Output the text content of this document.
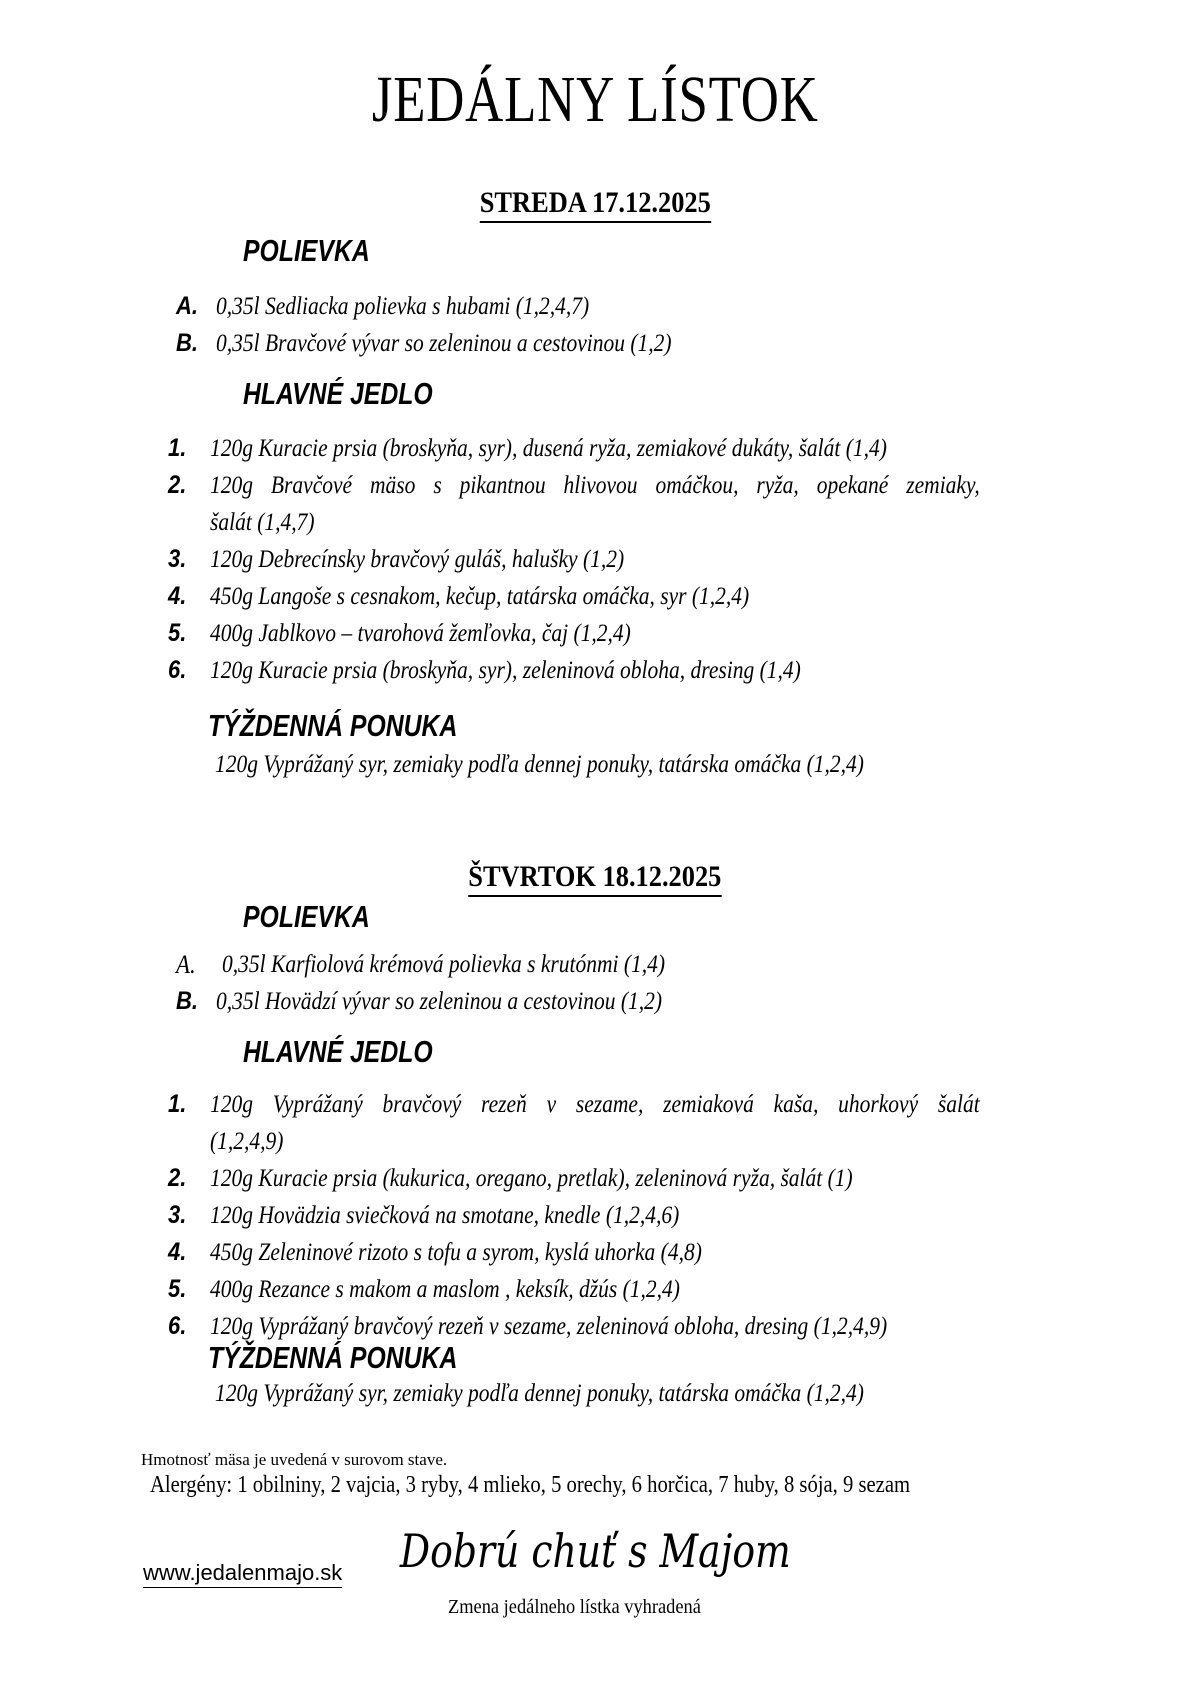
JEDÁLNY LÍSTOK
STREDA 17.12.2025
POLIEVKA
A. 0,35l Sedliacka polievka s hubami (1,2,4,7)
B. 0,35l Bravčové vývar so zeleninou a cestovinou (1,2)
HLAVNÉ JEDLO
1. 120g Kuracie prsia (broskyňa, syr), dusená ryža, zemiakové dukáty, šalát (1,4)
2. 120g Bravčové mäso s pikantnou hlivovou omáčkou, ryža, opekané zemiaky,
šalát (1,4,7)
3. 120g Debrecínsky bravčový guláš, halušky (1,2)
4. 450g Langoše s cesnakom, kečup, tatárska omáčka, syr (1,2,4)
5. 400g Jablkovo – tvarohová žemľovka, čaj (1,2,4)
6. 120g Kuracie prsia (broskyňa, syr), zeleninová obloha, dresing (1,4)
TÝŽDENNÁ PONUKA
120g Vyprážaný syr, zemiaky podľa dennej ponuky, tatárska omáčka (1,2,4)
ŠTVRTOK 18.12.2025
POLIEVKA
A. 0,35l Karfiolová krémová polievka s krutónmi (1,4)
B. 0,35l Hovädzí vývar so zeleninou a cestovinou (1,2)
HLAVNÉ JEDLO
1. 120g Vyprážaný bravčový rezeň v sezame, zemiaková kaša, uhorkový šalát
(1,2,4,9)
2. 120g Kuracie prsia (kukurica, oregano, pretlak), zeleninová ryža, šalát (1)
3. 120g Hovädzia sviečková na smotane, knedle (1,2,4,6)
4. 450g Zeleninové rizoto s tofu a syrom, kyslá uhorka (4,8)
5. 400g Rezance s makom a maslom , keksík, džús (1,2,4)
6. 120g Vyprážaný bravčový rezeň v sezame, zeleninová obloha, dresing (1,2,4,9)
TÝŽDENNÁ PONUKA
120g Vyprážaný syr, zemiaky podľa dennej ponuky, tatárska omáčka (1,2,4)
Hmotnosť mäsa je uvedená v surovom stave.
Alergény: 1 obilniny, 2 vajcia, 3 ryby, 4 mlieko, 5 orechy, 6 horčica, 7 huby, 8 sója, 9 sezam
www.jedalenmajo.sk Dobrú chuť s Majom
Zmena jedálneho lístka vyhradená
